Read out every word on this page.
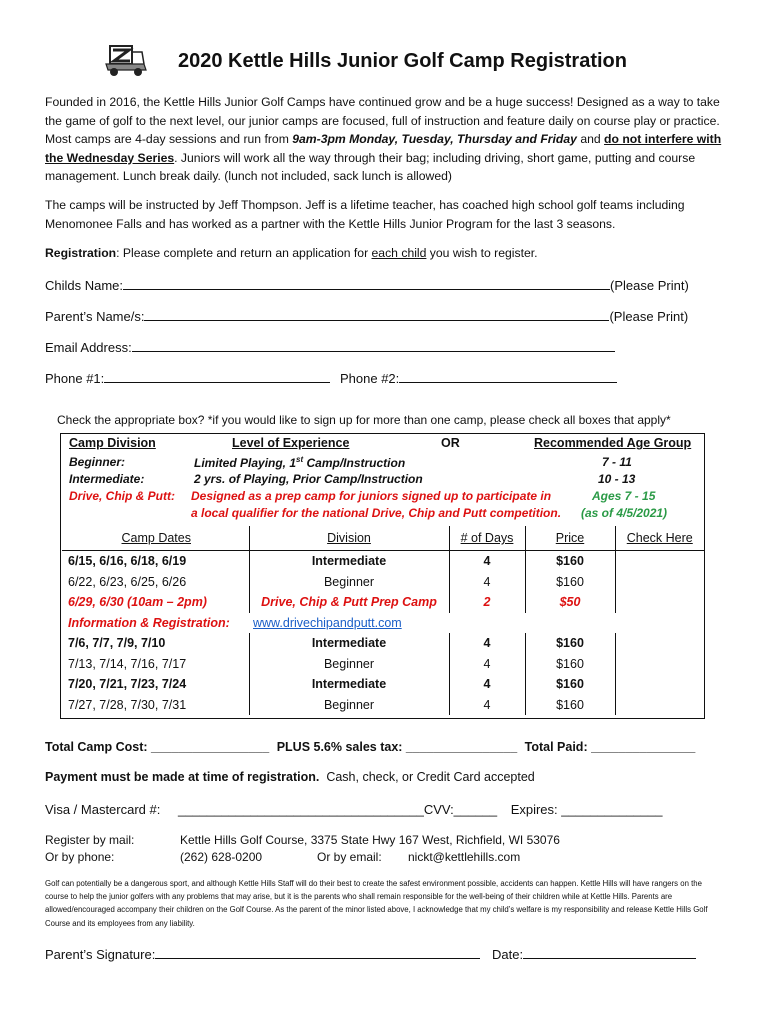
2020 Kettle Hills Junior Golf Camp Registration

Founded in 2016, the Kettle Hills Junior Golf Camps have continued grow and be a huge success! Designed as a way to take the game of golf to the next level, our junior camps are focused, full of instruction and feature daily on course play or practice. Most camps are 4-day sessions and run from 9am-3pm Monday, Tuesday, Thursday and Friday and do not interfere with the Wednesday Series. Juniors will work all the way through their bag; including driving, short game, putting and course management. Lunch break daily. (lunch not included, sack lunch is allowed)

The camps will be instructed by Jeff Thompson. Jeff is a lifetime teacher, has coached high school golf teams including Menomonee Falls and has worked as a partner with the Kettle Hills Junior Program for the last 3 seasons.

Registration: Please complete and return an application for each child you wish to register.

Childs Name:	(Please Print)
Parent’s Name/s:	(Please Print)
Email Address:
Phone #1:	Phone #2:
Check the appropriate box? *if you would like to sign up for more than one camp, please check all boxes that apply*
Camp Division	Level of Experience	OR	Recommended Age Group
Beginner:	Limited Playing, 1st Camp/Instruction	7 - 11
Intermediate:	2 yrs. of Playing, Prior Camp/Instruction	10 - 13
Drive, Chip & Putt: Designed as a prep camp for juniors signed up to participate in
a local qualifier for the national Drive, Chip and Putt competition.
Ages 7 - 15
(as of 4/5/2021)
Camp Dates	Division	# of Days	Price	Check Here
6/15, 6/16, 6/18, 6/19	Intermediate	4	$160	
6/22, 6/23, 6/25, 6/26	Beginner	4	$160	
6/29, 6/30 (10am – 2pm)	Drive, Chip & Putt Prep Camp	2	$50	
Information & Registration:	www.drivechipandputt.com			
7/6, 7/7, 7/9, 7/10	Intermediate	4	$160	
7/13, 7/14, 7/16, 7/17	Beginner	4	$160	
7/20, 7/21, 7/23, 7/24	Intermediate	4	$160	
7/27, 7/28, 7/30, 7/31	Beginner	4	$160	
Total Camp Cost: _________________ PLUS 5.6% sales tax: ________________ Total Paid: _______________
Payment must be made at time of registration. Cash, check, or Credit Card accepted
Visa / Mastercard #: __________________________________CVV:______ Expires: ______________
Register by mail:	Kettle Hills Golf Course, 3375 State Hwy 167 West, Richfield, WI 53076
Or by phone:	(262) 628-0200	Or by email: nickt@kettlehills.com
Golf can potentially be a dangerous sport, and although Kettle Hills Staff will do their best to create the safest environment possible, accidents can happen. Kettle Hills will have rangers on the course to help the junior golfers with any problems that may arise, but it is the parents who shall remain responsible for the well-being of their children while at Kettle Hills. Parents are allowed/encouraged accompany their children on the Golf Course. As the parent of the minor listed above, I acknowledge that my child’s welfare is my responsibility and release Kettle Hills Golf Course and its employees from any liability.
Parent’s Signature:	Date:
